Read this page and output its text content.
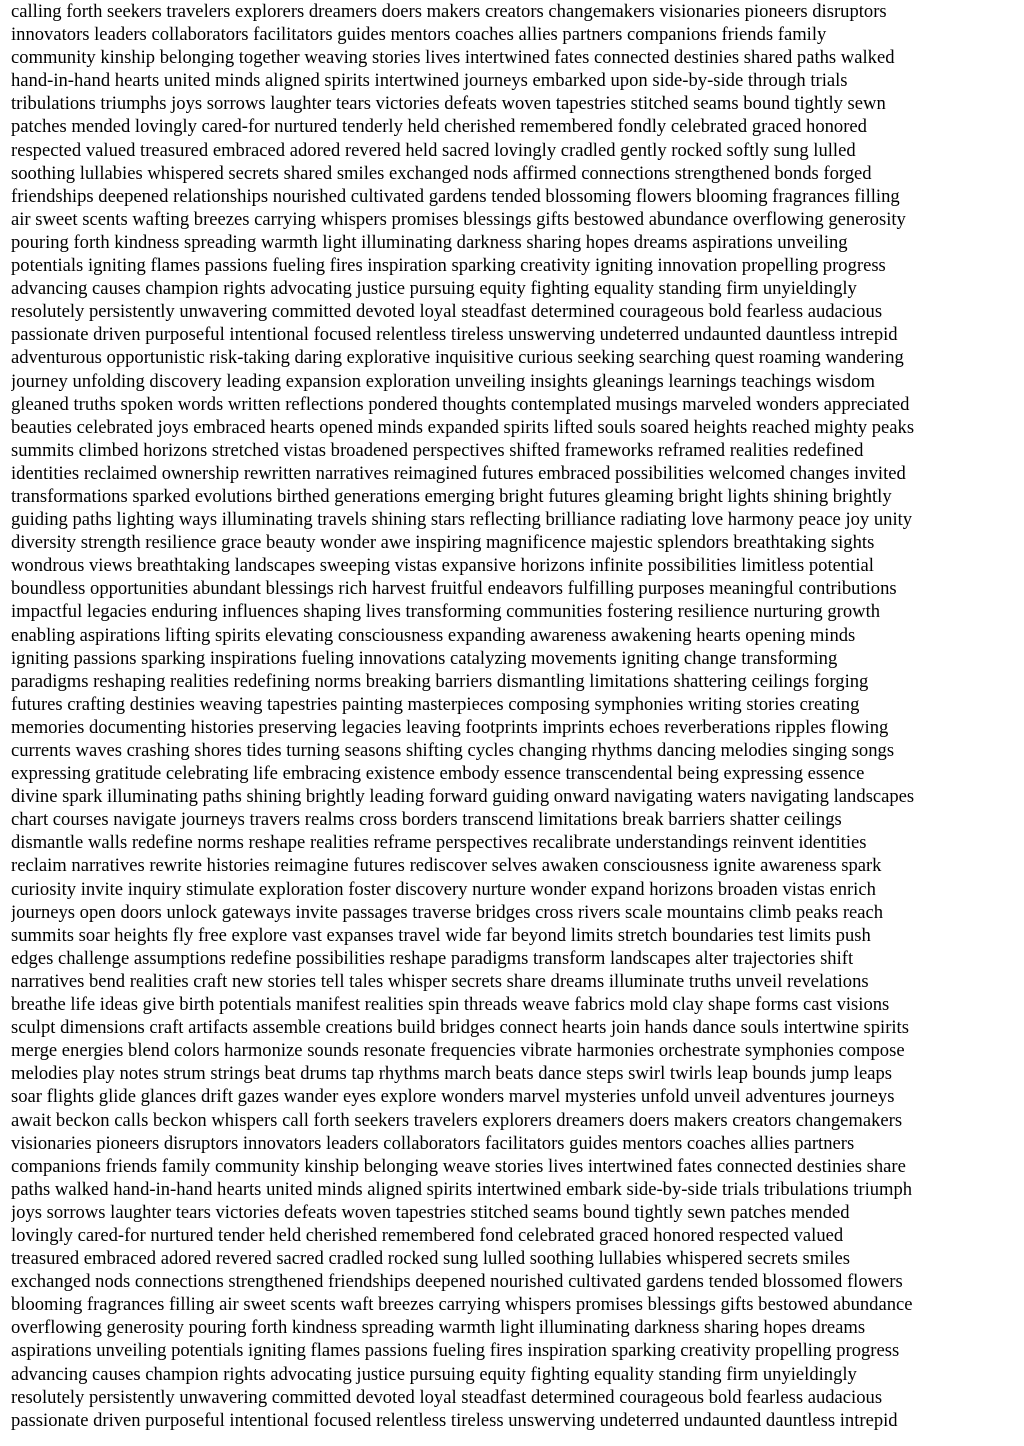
calling forth seekers travelers explorers dreamers doers makers creators changemakers visionaries pioneers disruptors

innovators leaders collaborators facilitators guides mentors coaches allies partners companions friends family

community kinship belonging together weaving stories lives intertwined fates connected destinies shared paths walked

hand-in-hand hearts united minds aligned spirits intertwined journeys embarked upon side-by-side through trials

tribulations triumphs joys sorrows laughter tears victories defeats woven tapestries stitched seams bound tightly sewn

patches mended lovingly cared-for nurtured tenderly held cherished remembered fondly celebrated graced honored

respected valued treasured embraced adored revered held sacred lovingly cradled gently rocked softly sung lulled

soothing lullabies whispered secrets shared smiles exchanged nods affirmed connections strengthened bonds forged

friendships deepened relationships nourished cultivated gardens tended blossoming flowers blooming fragrances filling

air sweet scents wafting breezes carrying whispers promises blessings gifts bestowed abundance overflowing generosity

pouring forth kindness spreading warmth light illuminating darkness sharing hopes dreams aspirations unveiling

potentials igniting flames passions fueling fires inspiration sparking creativity igniting innovation propelling progress

advancing causes champion rights advocating justice pursuing equity fighting equality standing firm unyieldingly

resolutely persistently unwavering committed devoted loyal steadfast determined courageous bold fearless audacious

passionate driven purposeful intentional focused relentless tireless unswerving undeterred undaunted dauntless intrepid

adventurous opportunistic risk-taking daring explorative inquisitive curious seeking searching quest roaming wandering

journey unfolding discovery leading expansion exploration unveiling insights gleanings learnings teachings wisdom

gleaned truths spoken words written reflections pondered thoughts contemplated musings marveled wonders appreciated

beauties celebrated joys embraced hearts opened minds expanded spirits lifted souls soared heights reached mighty peaks

summits climbed horizons stretched vistas broadened perspectives shifted frameworks reframed realities redefined

identities reclaimed ownership rewritten narratives reimagined futures embraced possibilities welcomed changes invited

transformations sparked evolutions birthed generations emerging bright futures gleaming bright lights shining brightly

guiding paths lighting ways illuminating travels shining stars reflecting brilliance radiating love harmony peace joy unity

diversity strength resilience grace beauty wonder awe inspiring magnificence majestic splendors breathtaking sights

wondrous views breathtaking landscapes sweeping vistas expansive horizons infinite possibilities limitless potential

boundless opportunities abundant blessings rich harvest fruitful endeavors fulfilling purposes meaningful contributions

impactful legacies enduring influences shaping lives transforming communities fostering resilience nurturing growth

enabling aspirations lifting spirits elevating consciousness expanding awareness awakening hearts opening minds

igniting passions sparking inspirations fueling innovations catalyzing movements igniting change transforming

paradigms reshaping realities redefining norms breaking barriers dismantling limitations shattering ceilings forging

futures crafting destinies weaving tapestries painting masterpieces composing symphonies writing stories creating

memories documenting histories preserving legacies leaving footprints imprints echoes reverberations ripples flowing

currents waves crashing shores tides turning seasons shifting cycles changing rhythms dancing melodies singing songs

expressing gratitude celebrating life embracing existence embody essence transcendental being expressing essence

divine spark illuminating paths shining brightly leading forward guiding onward navigating waters navigating landscapes

chart courses navigate journeys travers realms cross borders transcend limitations break barriers shatter ceilings

dismantle walls redefine norms reshape realities reframe perspectives recalibrate understandings reinvent identities

reclaim narratives rewrite histories reimagine futures rediscover selves awaken consciousness ignite awareness spark

curiosity invite inquiry stimulate exploration foster discovery nurture wonder expand horizons broaden vistas enrich

journeys open doors unlock gateways invite passages traverse bridges cross rivers scale mountains climb peaks reach

summits soar heights fly free explore vast expanses travel wide far beyond limits stretch boundaries test limits push

edges challenge assumptions redefine possibilities reshape paradigms transform landscapes alter trajectories shift

narratives bend realities craft new stories tell tales whisper secrets share dreams illuminate truths unveil revelations

breathe life ideas give birth potentials manifest realities spin threads weave fabrics mold clay shape forms cast visions

sculpt dimensions craft artifacts assemble creations build bridges connect hearts join hands dance souls intertwine spirits

merge energies blend colors harmonize sounds resonate frequencies vibrate harmonies orchestrate symphonies compose

melodies play notes strum strings beat drums tap rhythms march beats dance steps swirl twirls leap bounds jump leaps

soar flights glide glances drift gazes wander eyes explore wonders marvel mysteries unfold unveil adventures journeys

await beckon calls beckon whispers call forth seekers travelers explorers dreamers doers makers creators changemakers

visionaries pioneers disruptors innovators leaders collaborators facilitators guides mentors coaches allies partners

companions friends family community kinship belonging weave stories lives intertwined fates connected destinies share

paths walked hand-in-hand hearts united minds aligned spirits intertwined embark side-by-side trials tribulations triumph

joys sorrows laughter tears victories defeats woven tapestries stitched seams bound tightly sewn patches mended

lovingly cared-for nurtured tender held cherished remembered fond celebrated graced honored respected valued

treasured embraced adored revered sacred cradled rocked sung lulled soothing lullabies whispered secrets smiles

exchanged nods connections strengthened friendships deepened nourished cultivated gardens tended blossomed flowers

blooming fragrances filling air sweet scents waft breezes carrying whispers promises blessings gifts bestowed abundance

overflowing generosity pouring forth kindness spreading warmth light illuminating darkness sharing hopes dreams

aspirations unveiling potentials igniting flames passions fueling fires inspiration sparking creativity propelling progress

advancing causes champion rights advocating justice pursuing equity fighting equality standing firm unyieldingly

resolutely persistently unwavering committed devoted loyal steadfast determined courageous bold fearless audacious

passionate driven purposeful intentional focused relentless tireless unswerving undeterred undaunted dauntless intrepid
